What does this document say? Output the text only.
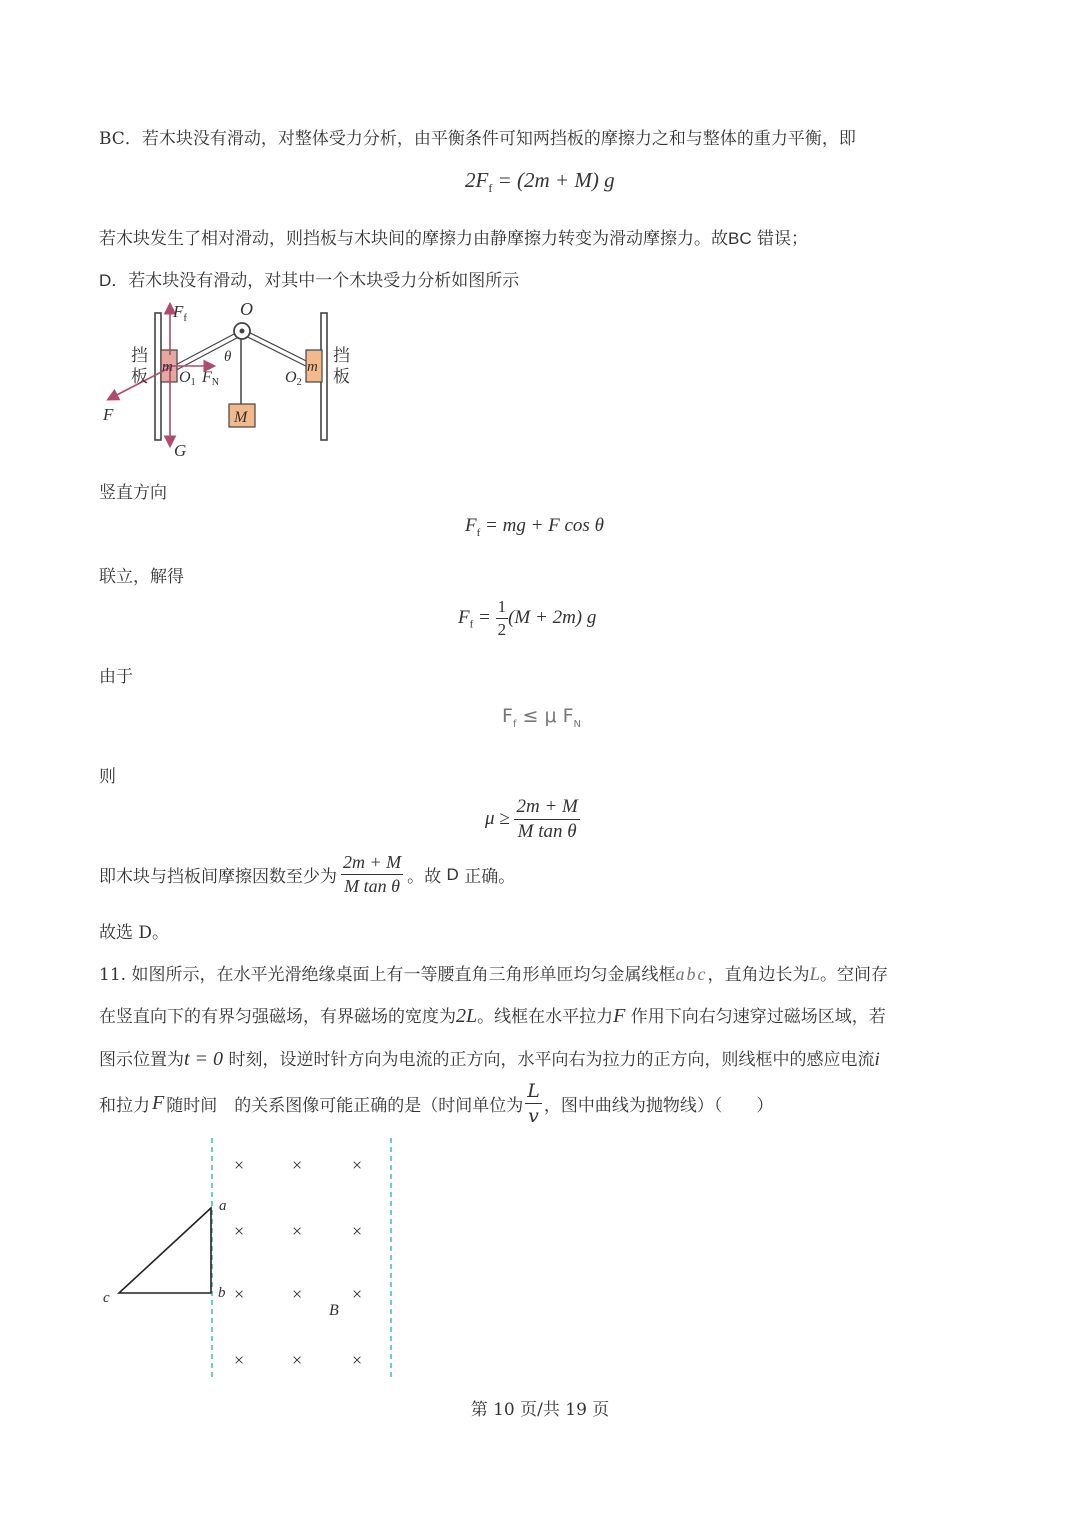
BC．若木块没有滑动，对整体受力分析，由平衡条件可知两挡板的摩擦力之和与整体的重力平衡，即
$2F_f = (2m + M)$ g
若木块发生了相对滑动，则挡板与木块间的摩擦力由静摩擦力转变为滑动摩擦力。故BC 错误；
D．若木块没有滑动，对其中一个木块受力分析如图所示
$F_f$	O
θ
挡
板
挡
板
m	m
O1 FN	O2
F	M
G
竖直方向
$F_f$ = mg + F cos θ
联立，解得
$F_f = \frac{1}{2} (M + 2m)$ g
由于
$F_f \le \mu$ $F_N$
则
$\mu \ge \frac{2m + M}{\text{M tan θ}}$
即木块与挡板间摩擦因数至少为 $\frac{2m + M}{\text{M tan θ}}$ 。故
D
正确。
故选 D。
11. 如图所示，在水平光滑绝缘桌面上有一等腰直角三角形单匝均匀金属线框abc，直角边长为L。空间存
在竖直向下的有界匀强磁场，有界磁场的宽度为2L。线框在水平拉力F 作用下向右匀速穿过磁场区域，若
图示位置为t = 0 时刻，设逆时针方向为电流的正方向，水平向右为拉力的正方向，则线框中的感应电流i
和拉力 F 随时间　的关系图像可能正确的是（时间单位为 $\frac{L}{v}$ ，图中曲线为抛物线）（　　）
a
b
c
B
×	×	×
×	×	×
×	×	×
×	×	×
第 10 页/共 19 页
